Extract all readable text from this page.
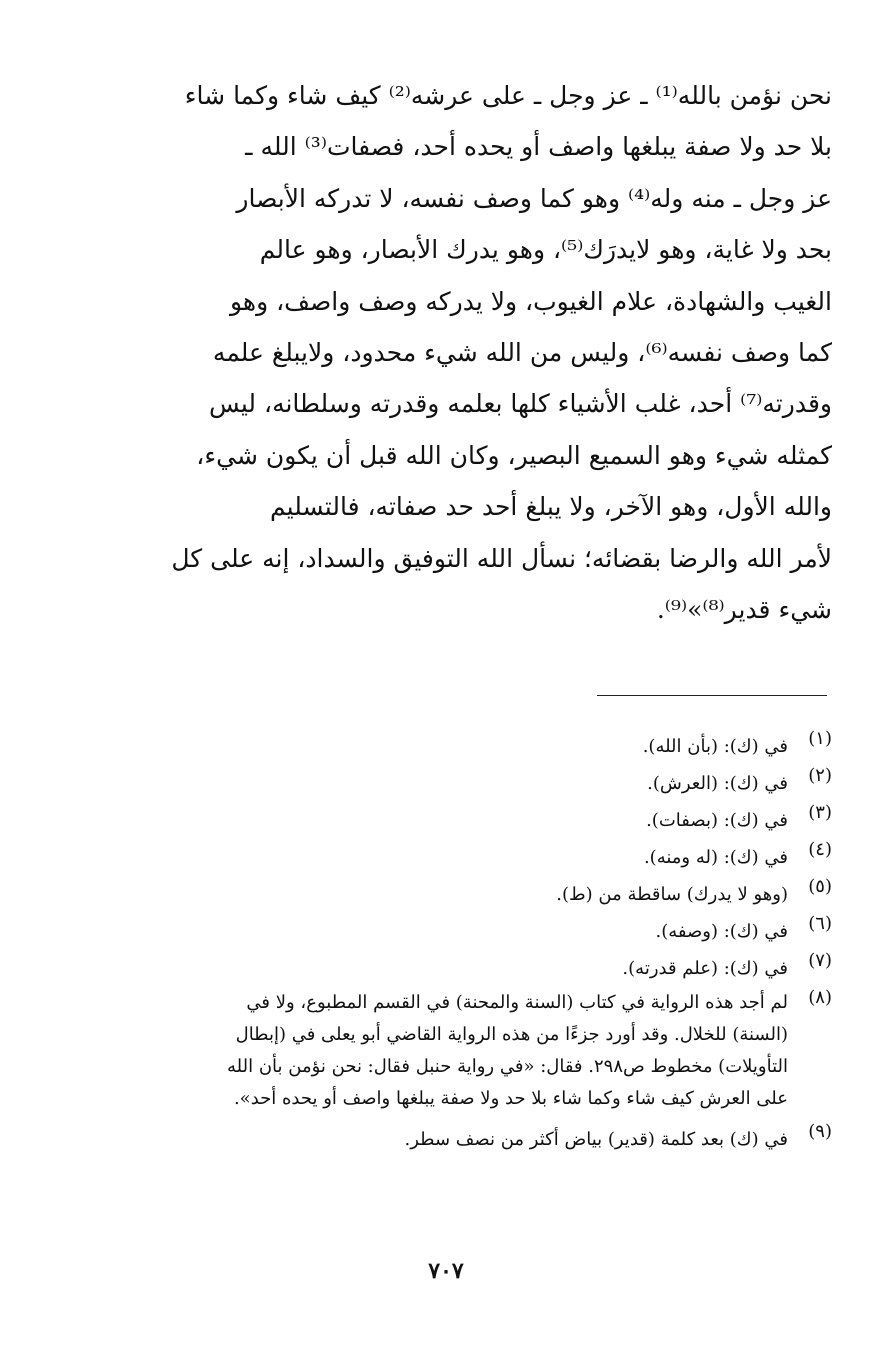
نحن نؤمن بالله⁽¹⁾ ـ عز وجل ـ على عرشه⁽²⁾ كيف شاء وكما شاء
بلا حد ولا صفة يبلغها واصف أو يحده أحد، فصفات⁽³⁾ الله ـ
عز وجل ـ منه وله⁽⁴⁾ وهو كما وصف نفسه، لا تدركه الأبصار
بحد ولا غاية، وهو لايدرَك⁽⁵⁾، وهو يدرك الأبصار، وهو عالم
الغيب والشهادة، علام الغيوب، ولا يدركه وصف واصف، وهو
كما وصف نفسه⁽⁶⁾، وليس من الله شيء محدود، ولايبلغ علمه
وقدرته⁽⁷⁾ أحد، غلب الأشياء كلها بعلمه وقدرته وسلطانه، ليس
كمثله شيء وهو السميع البصير، وكان الله قبل أن يكون شيء،
والله الأول، وهو الآخر، ولا يبلغ أحد حد صفاته، فالتسليم
لأمر الله والرضا بقضائه؛ نسأل الله التوفيق والسداد، إنه على كل
شيء قدير⁽⁸⁾»⁽⁹⁾.
(١)
في (ك): (بأن الله).
(٢)
في (ك): (العرش).
(٣)
في (ك): (بصفات).
(٤)
في (ك): (له ومنه).
(٥)
(وهو لا يدرك) ساقطة من (ط).
(٦)
في (ك): (وصفه).
(٧)
في (ك): (علم قدرته).
(٨)
لم أجد هذه الرواية في كتاب (السنة والمحنة) في القسم المطبوع، ولا في
(السنة) للخلال. وقد أورد جزءًا من هذه الرواية القاضي أبو يعلى في (إبطال
التأويلات) مخطوط ص٢٩٨. فقال: «في رواية حنبل فقال: نحن نؤمن بأن الله
على العرش كيف شاء وكما شاء بلا حد ولا صفة يبلغها واصف أو يحده أحد».
(٩)
في (ك) بعد كلمة (قدير) بياض أكثر من نصف سطر.
٧٠٧
